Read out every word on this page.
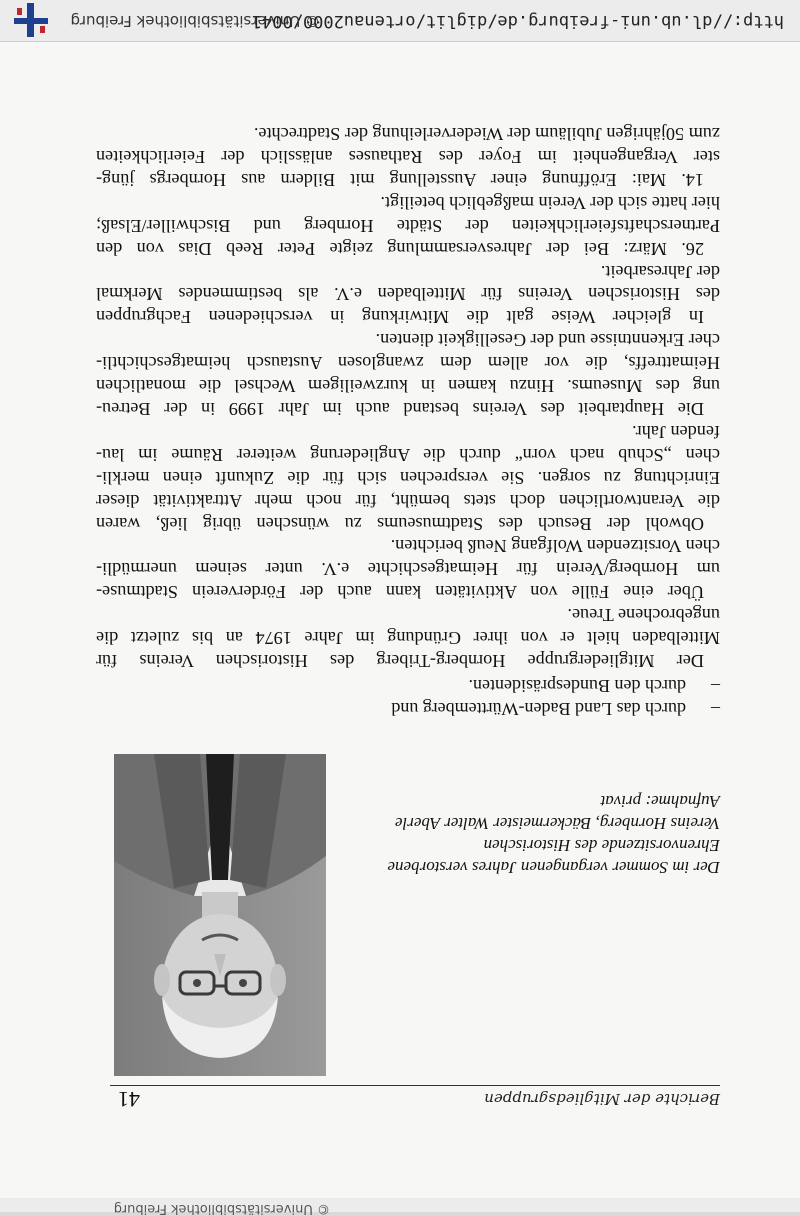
© Universitätsbibliothek Freiburg
Berichte der Mitgliedsgruppen
41
Der im Sommer vergangenen Jahres verstorbene
Ehrenvorsitzende des Historischen
Vereins Hornberg, Bäckermeister Walter Aberle
Aufnahme: privat
–
durch das Land Baden-Württemberg und
–
durch den Bundespräsidenten.
Der Mitgliedergruppe Hornberg-Triberg des Historischen Vereins für
Mittelbaden hielt er von ihrer Gründung im Jahre 1974 an bis zuletzt die
ungebrochene Treue.
Über eine Fülle von Aktivitäten kann auch der Förderverein Stadtmuse-
um Hornberg/Verein für Heimatgeschichte e.V. unter seinem unermüdli-
chen Vorsitzenden Wolfgang Neuß berichten.
Obwohl der Besuch des Stadtmuseums zu wünschen übrig ließ, waren
die Verantwortlichen doch stets bemüht, für noch mehr Attraktivität dieser
Einrichtung zu sorgen. Sie versprechen sich für die Zukunft einen merkli-
chen „Schub nach vorn“ durch die Angliederung weiterer Räume im lau-
fenden Jahr.
Die Hauptarbeit des Vereins bestand auch im Jahr 1999 in der Betreu-
ung des Museums. Hinzu kamen in kurzweiligem Wechsel die monatlichen
Heimattreffs, die vor allem dem zwanglosen Austausch heimatgeschichtli-
cher Erkenntnisse und der Geselligkeit dienten.
In gleicher Weise galt die Mitwirkung in verschiedenen Fachgruppen
des Historischen Vereins für Mittelbaden e.V. als bestimmendes Merkmal
der Jahresarbeit.
26. März: Bei der Jahresversammlung zeigte Peter Reeb Dias von den
Partnerschaftsfeierlichkeiten der Städte Hornberg und Bischwiller/Elsaß;
hier hatte sich der Verein maßgeblich beteiligt.
14. Mai: Eröffnung einer Ausstellung mit Bildern aus Hornbergs jüng-
ster Vergangenheit im Foyer des Rathauses anlässlich der Feierlichkeiten
zum 50jährigen Jubiläum der Wiederverleihung der Stadtrechte.
http://dl.ub.uni-freiburg.de/diglit/ortenau2000/0041
© Universitätsbibliothek Freiburg
